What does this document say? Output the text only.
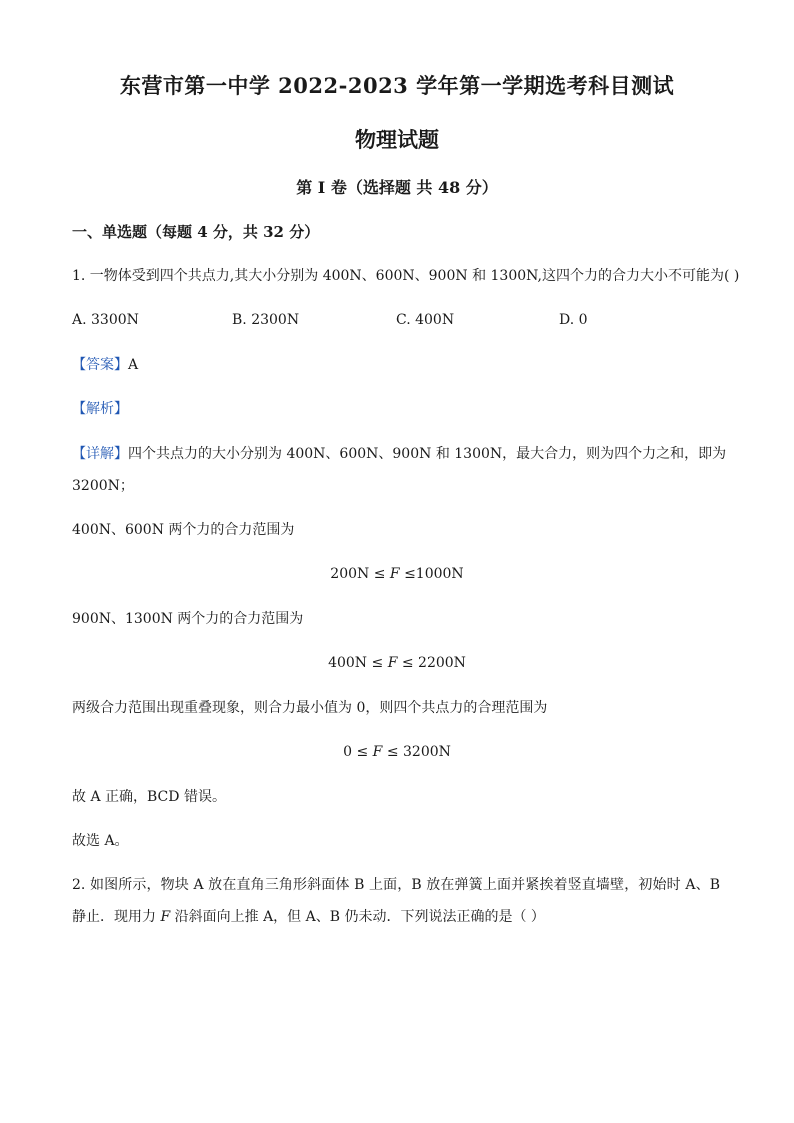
东营市第一中学 2022-2023 学年第一学期选考科目测试
物理试题
第 I 卷（选择题 共 48 分）
一、单选题（每题 4 分，共 32 分）
1. 一物体受到四个共点力,其大小分别为 400N、600N、900N 和 1300N,这四个力的合力大小不可能为( )
A. 3300N	B. 2300N	C. 400N	D. 0
【答案】A
【解析】
【详解】四个共点力的大小分别为 400N、600N、900N 和 1300N，最大合力，则为四个力之和，即为
3200N；
400N、600N 两个力的合力范围为
200N ≤ F ≤1000N
900N、1300N 两个力的合力范围为
400N ≤ F ≤ 2200N
两级合力范围出现重叠现象，则合力最小值为 0，则四个共点力的合理范围为
0 ≤ F ≤ 3200N
故 A 正确，BCD 错误。
故选 A。
2. 如图所示，物块 A 放在直角三角形斜面体 B 上面，B 放在弹簧上面并紧挨着竖直墙壁，初始时 A、B 静止．现用力 F 沿斜面向上推 A，但 A、B 仍未动．下列说法正确的是（ ）
